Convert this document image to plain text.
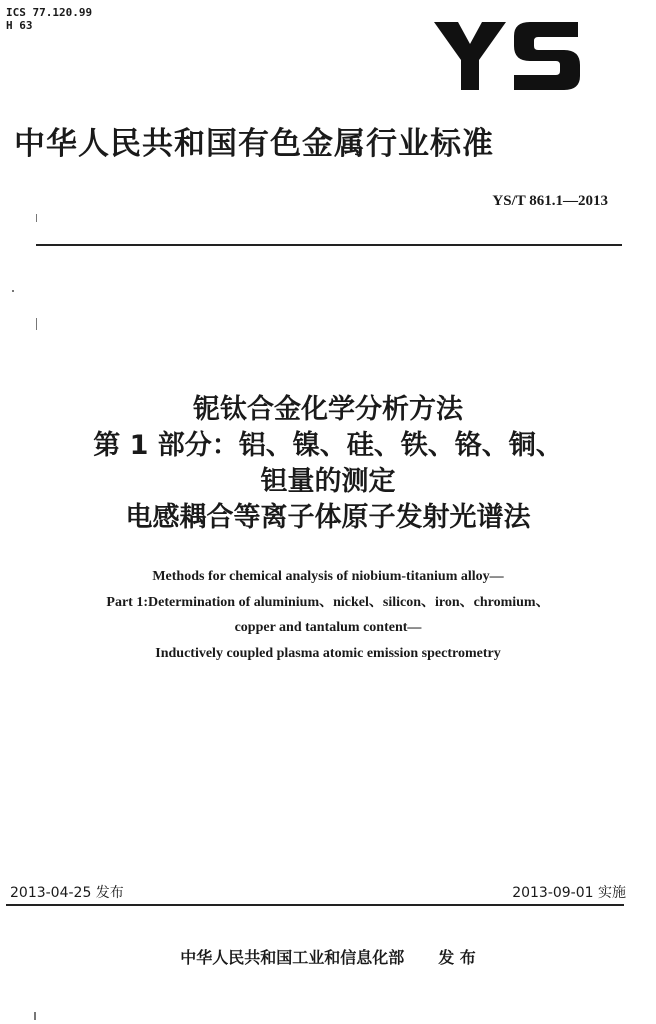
ICS 77.120.99
H 63
中华人民共和国有色金属行业标准
YS/T 861.1—2013
铌钛合金化学分析方法
第 1 部分：铝、镍、硅、铁、铬、铜、
钽量的测定
电感耦合等离子体原子发射光谱法
Methods for chemical analysis of niobium-titanium alloy—
Part 1:Determination of aluminium、nickel、silicon、iron、chromium、
copper and tantalum content—
Inductively coupled plasma atomic emission spectrometry
2013-04-25 发布	2013-09-01 实施
中华人民共和国工业和信息化部 发 布
